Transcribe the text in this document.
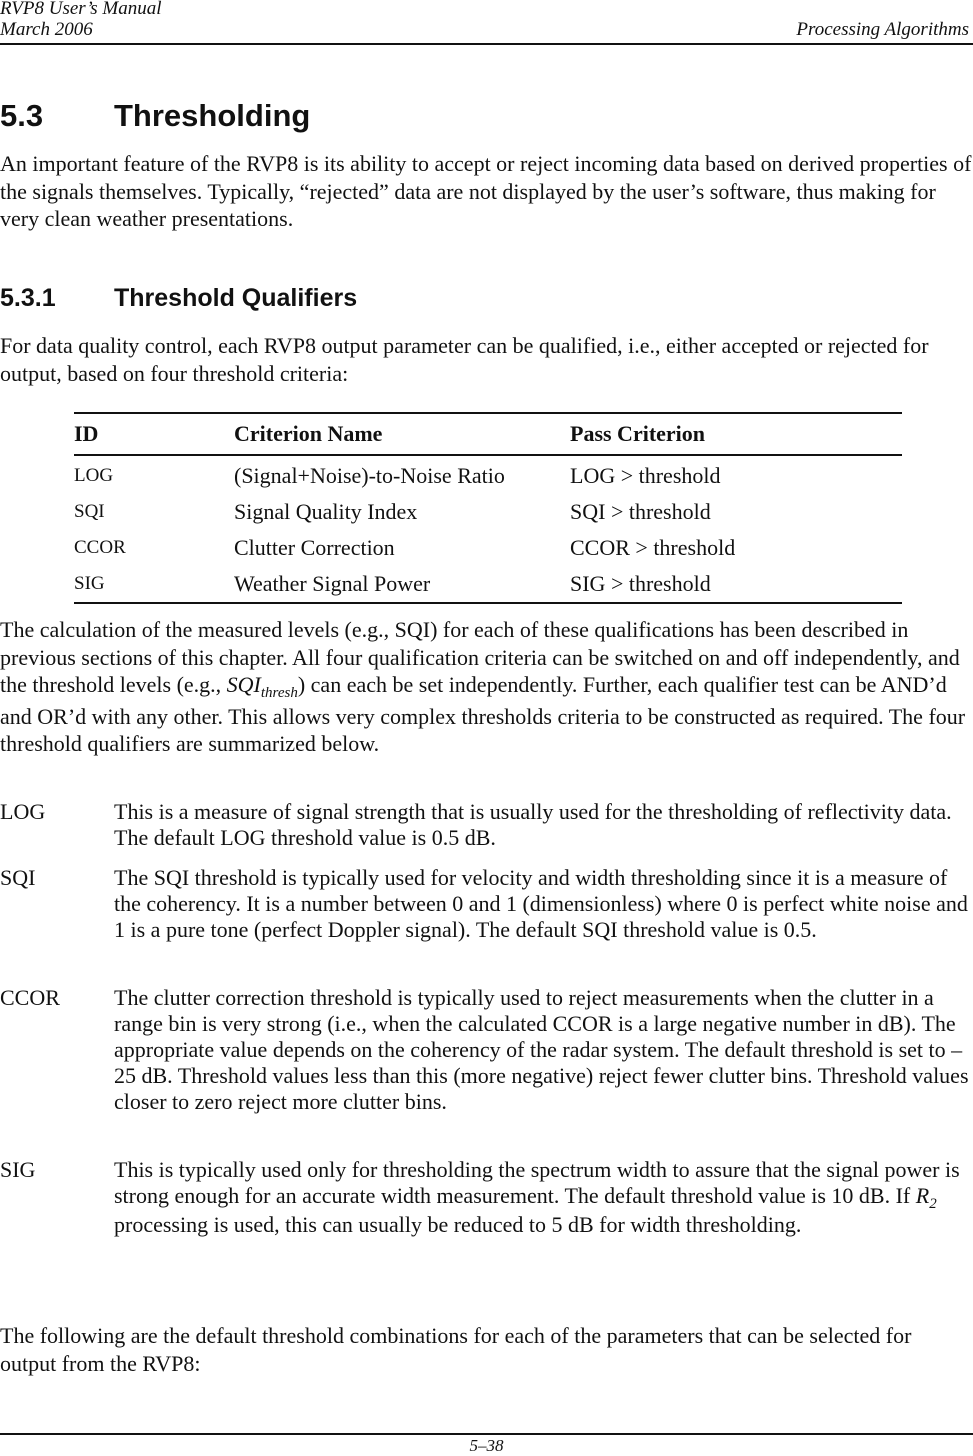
RVP8 User’s Manual
March 2006	Processing Algorithms
5.3 Thresholding

An important feature of the RVP8 is its ability to accept or reject incoming data based on derived properties of the signals themselves. Typically, “rejected” data are not displayed by the user’s software, thus making for very clean weather presentations.

5.3.1 Threshold Qualifiers

For data quality control, each RVP8 output parameter can be qualified, i.e., either accepted or rejected for output, based on four threshold criteria:

ID	Criterion Name	Pass Criterion
LOG	(Signal+Noise)-to-Noise Ratio	LOG > threshold
SQI	Signal Quality Index	SQI > threshold
CCOR	Clutter Correction	CCOR > threshold
SIG	Weather Signal Power	SIG > threshold

The calculation of the measured levels (e.g., SQI) for each of these qualifications has been described in previous sections of this chapter. All four qualification criteria can be switched on and off independently, and the threshold levels (e.g., $SQI_{thresh}$) can each be set independently. Further, each qualifier test can be AND’d and OR’d with any other. This allows very complex thresholds criteria to be constructed as required. The four threshold qualifiers are summarized below.

LOG	This is a measure of signal strength that is usually used for the thresholding of reflectivity data. The default LOG threshold value is 0.5 dB.
SQI	The SQI threshold is typically used for velocity and width thresholding since it is a measure of the coherency. It is a number between 0 and 1 (dimensionless) where 0 is perfect white noise and 1 is a pure tone (perfect Doppler signal). The default SQI threshold value is 0.5.
CCOR The clutter correction threshold is typically used to reject measurements when the clutter in a range bin is very strong (i.e., when the calculated CCOR is a large negative number in dB). The appropriate value depends on the coherency of the radar system. The default threshold is set to –25 dB. Threshold values less than this (more negative) reject fewer clutter bins. Threshold values closer to zero reject more clutter bins.
SIG	This is typically used only for thresholding the spectrum width to assure that the signal power is strong enough for an accurate width measurement. The default threshold value is 10 dB. If $R_2$ processing is used, this can usually be reduced to 5 dB for width thresholding.

The following are the default threshold combinations for each of the parameters that can be selected for output from the RVP8:

5–38
